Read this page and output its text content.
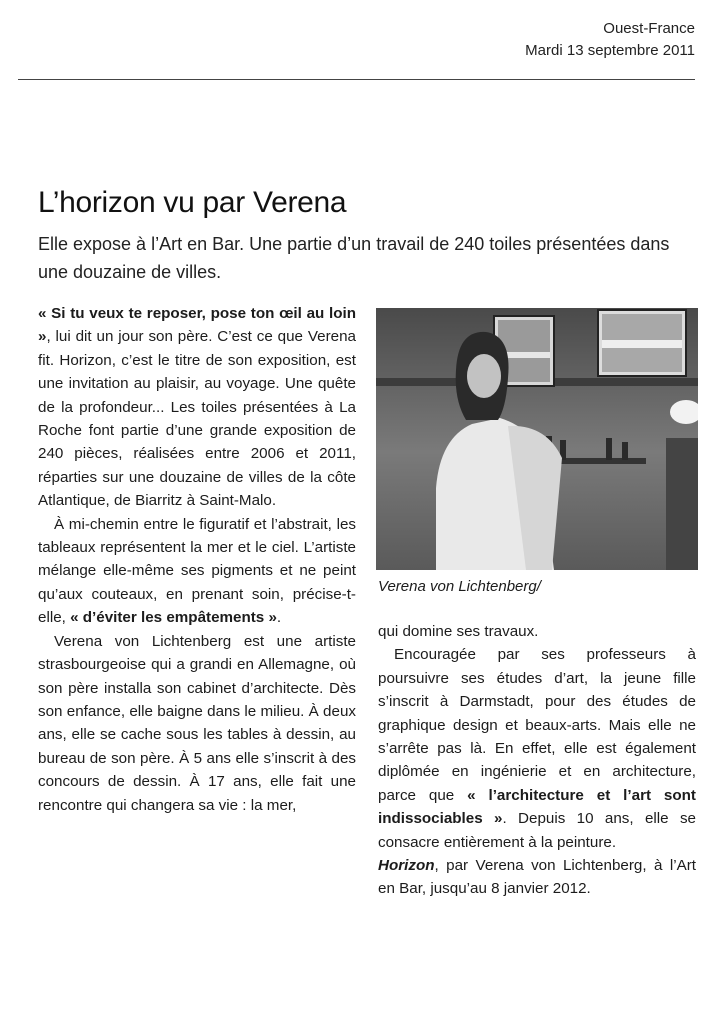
Ouest-France
Mardi 13 septembre 2011
L’horizon vu par Verena

Elle expose à l’Art en Bar. Une partie d’un travail de 240 toiles présentées dans une douzaine de villes.

« Si tu veux te reposer, pose ton œil au loin », lui dit un jour son père. C’est ce que Verena fit. Horizon, c’est le titre de son exposition, est une invitation au plaisir, au voyage. Une quête de la profondeur... Les toiles présentées à La Roche font partie d’une grande exposition de 240 pièces, réalisées entre 2006 et 2011, réparties sur une douzaine de villes de la côte Atlantique, de Biarritz à Saint-Malo.

À mi-chemin entre le figuratif et l’abstrait, les tableaux représentent la mer et le ciel. L’artiste mélange elle-même ses pigments et ne peint qu’aux couteaux, en prenant soin, précise-t-elle, « d’éviter les empâtements ».

Verena von Lichtenberg est une artiste strasbourgeoise qui a grandi en Allemagne, où son père installa son cabinet d’architecte. Dès son enfance, elle baigne dans le milieu. À deux ans, elle se cache sous les tables à dessin, au bureau de son père. À 5 ans elle s’inscrit à des concours de dessin. À 17 ans, elle fait une rencontre qui changera sa vie : la mer,

Verena von Lichtenberg/

qui domine ses travaux.

Encouragée par ses professeurs à poursuivre ses études d’art, la jeune fille s’inscrit à Darmstadt, pour des études de graphique design et beaux-arts. Mais elle ne s’arrête pas là. En effet, elle est également diplômée en ingénierie et en architecture, parce que « l’architecture et l’art sont indissociables ». Depuis 10 ans, elle se consacre entièrement à la peinture.

Horizon, par Verena von Lichtenberg, à l’Art en Bar, jusqu’au 8 janvier 2012.
